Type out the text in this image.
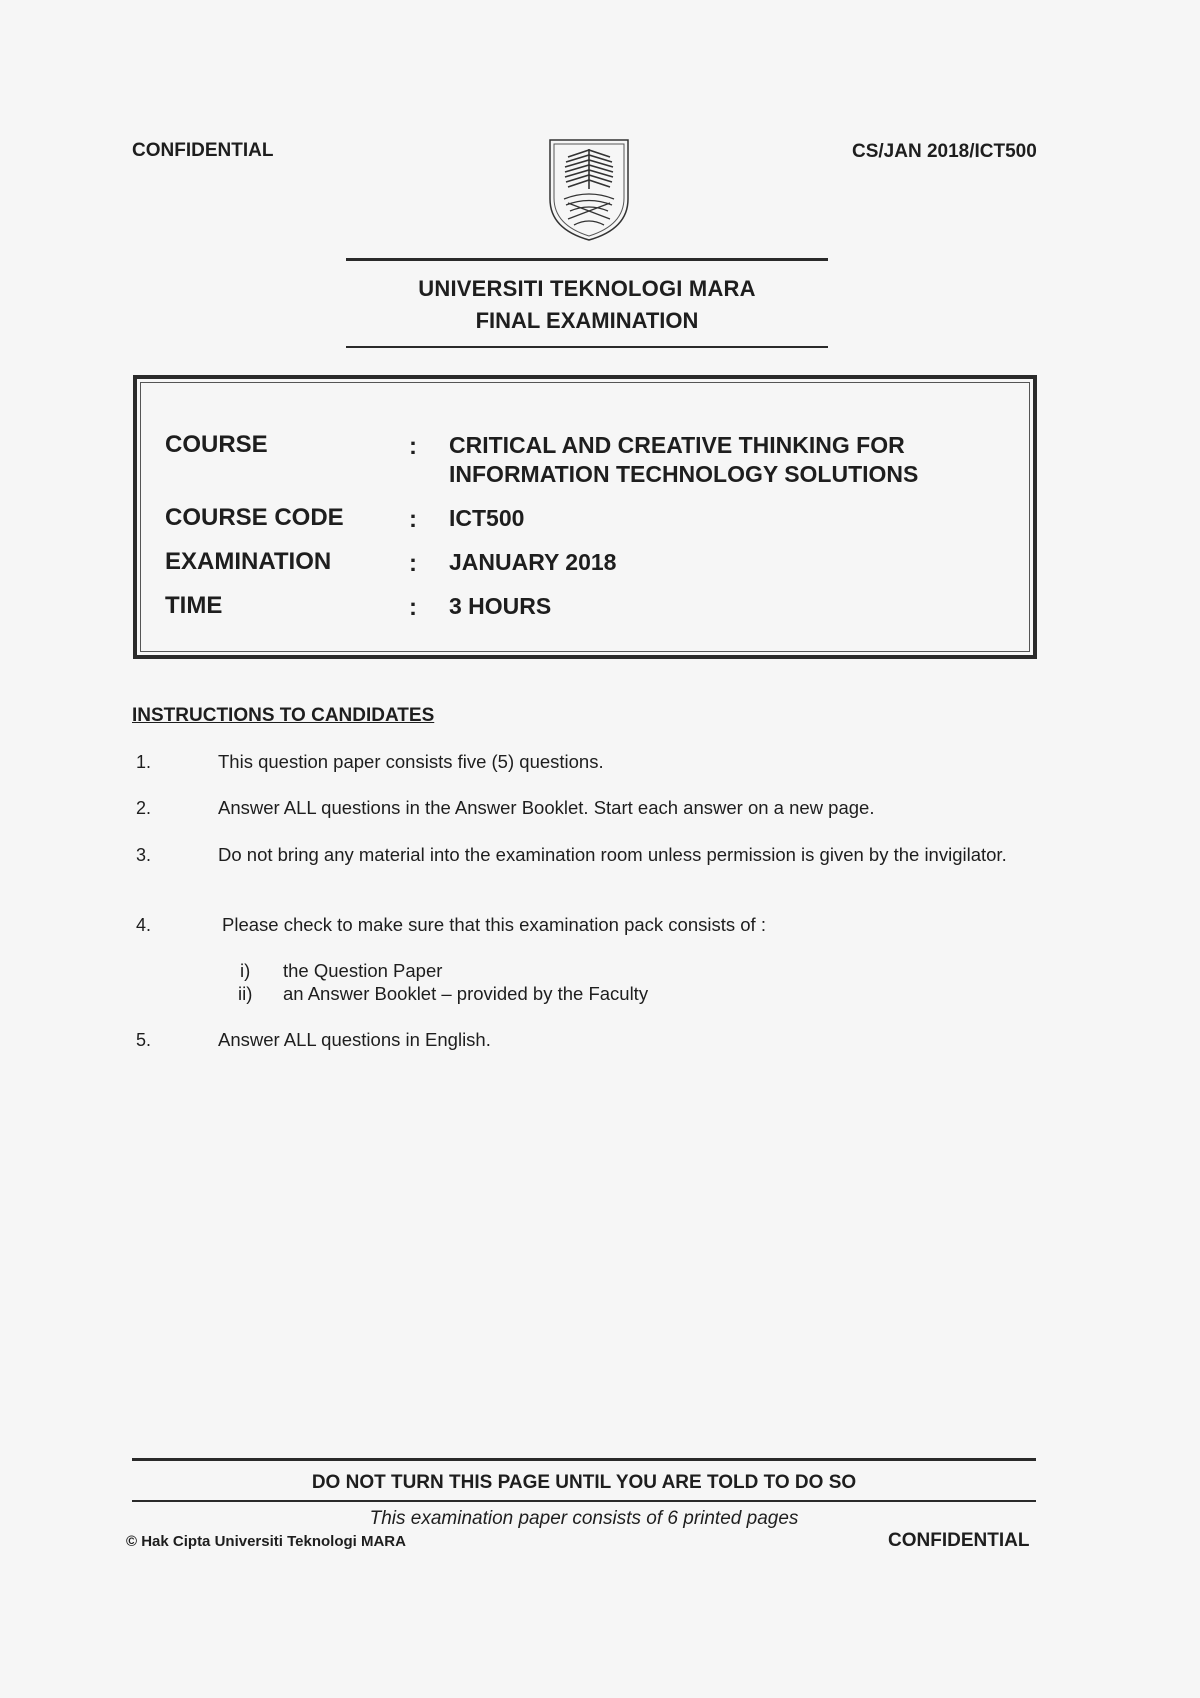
CONFIDENTIAL	CS/JAN 2018/ICT500
UNIVERSITI TEKNOLOGI MARA
FINAL EXAMINATION
COURSE	: CRITICAL AND CREATIVE THINKING FOR
INFORMATION TECHNOLOGY SOLUTIONS
COURSE CODE	: ICT500
EXAMINATION	: JANUARY 2018
TIME	: 3 HOURS
INSTRUCTIONS TO CANDIDATES
1.	This question paper consists five (5) questions.
2.	Answer ALL questions in the Answer Booklet. Start each answer on a new page.
3.	Do not bring any material into the examination room unless permission is given by the invigilator.
4.	Please check to make sure that this examination pack consists of :
i) the Question Paper
ii) an Answer Booklet – provided by the Faculty
5.	Answer ALL questions in English.
DO NOT TURN THIS PAGE UNTIL YOU ARE TOLD TO DO SO
This examination paper consists of 6 printed pages
© Hak Cipta Universiti Teknologi MARA	CONFIDENTIAL
